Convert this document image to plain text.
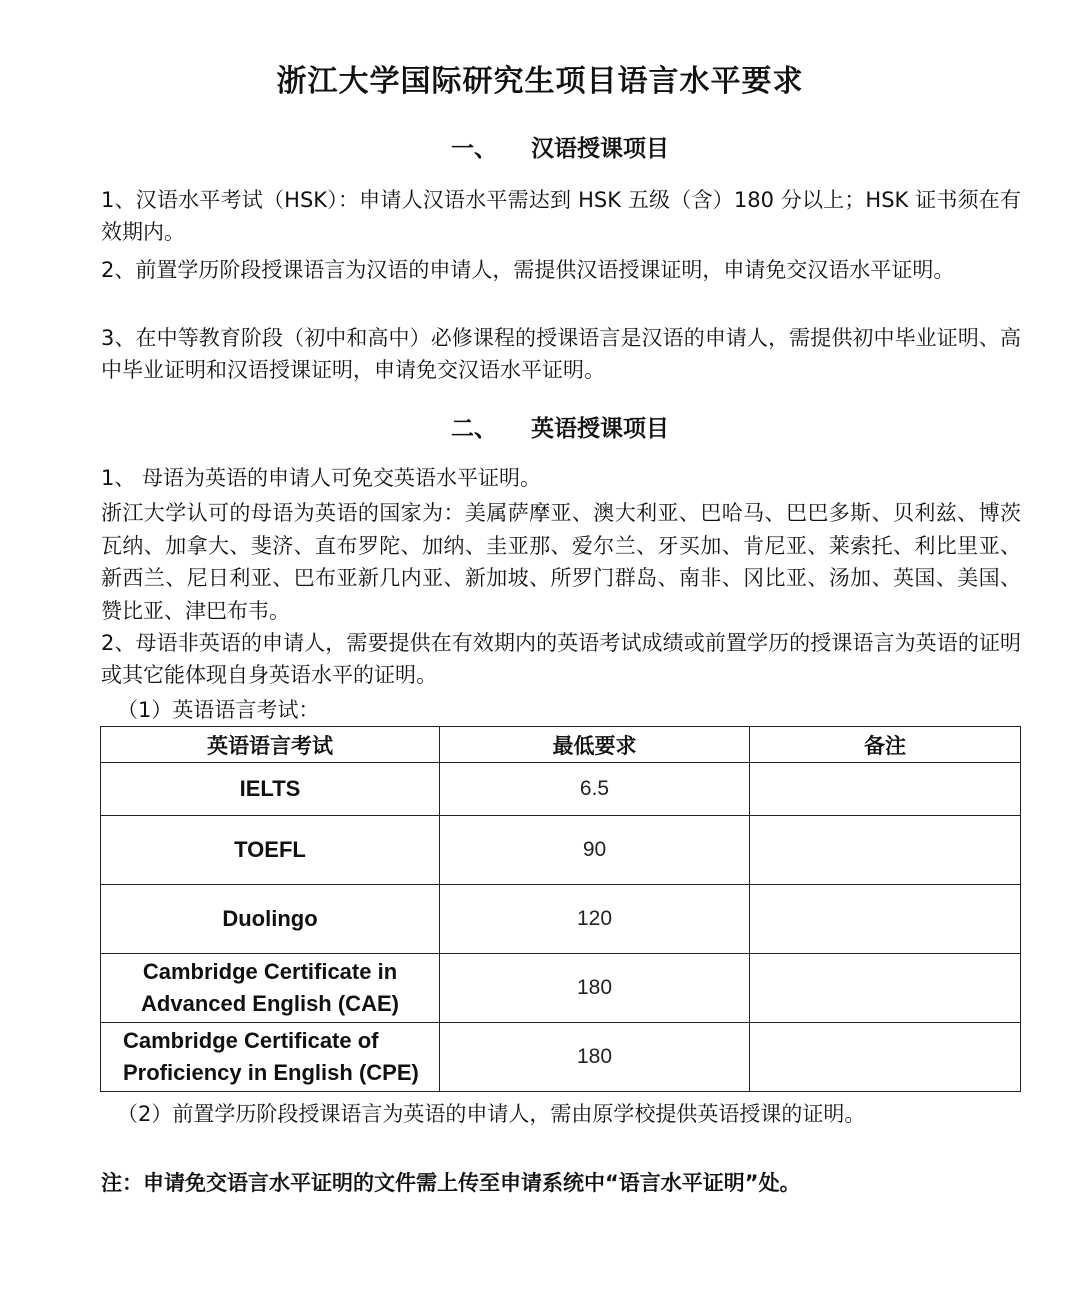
浙江大学国际研究生项目语言水平要求
一、 汉语授课项目

1、汉语水平考试（HSK）：申请人汉语水平需达到 HSK 五级（含）180 分以上；HSK 证书须在有效期内。

2、前置学历阶段授课语言为汉语的申请人，需提供汉语授课证明，申请免交汉语水平证明。

3、在中等教育阶段（初中和高中）必修课程的授课语言是汉语的申请人，需提供初中毕业证明、高中毕业证明和汉语授课证明，申请免交汉语水平证明。

二、 英语授课项目

1、 母语为英语的申请人可免交英语水平证明。

浙江大学认可的母语为英语的国家为：美属萨摩亚、澳大利亚、巴哈马、巴巴多斯、贝利兹、博茨瓦纳、加拿大、斐济、直布罗陀、加纳、圭亚那、爱尔兰、牙买加、肯尼亚、莱索托、利比里亚、新西兰、尼日利亚、巴布亚新几内亚、新加坡、所罗门群岛、南非、冈比亚、汤加、英国、美国、赞比亚、津巴布韦。

2、母语非英语的申请人，需要提供在有效期内的英语考试成绩或前置学历的授课语言为英语的证明或其它能体现自身英语水平的证明。

（1）英语语言考试：

英语语言考试	最低要求	备注
IELTS	6.5	
TOEFL	90	
Duolingo	120	
Cambridge Certificate in Advanced English (CAE)	180	
Cambridge Certificate of Proficiency in English (CPE)	180	

（2）前置学历阶段授课语言为英语的申请人，需由原学校提供英语授课的证明。

注：申请免交语言水平证明的文件需上传至申请系统中“语言水平证明”处。
